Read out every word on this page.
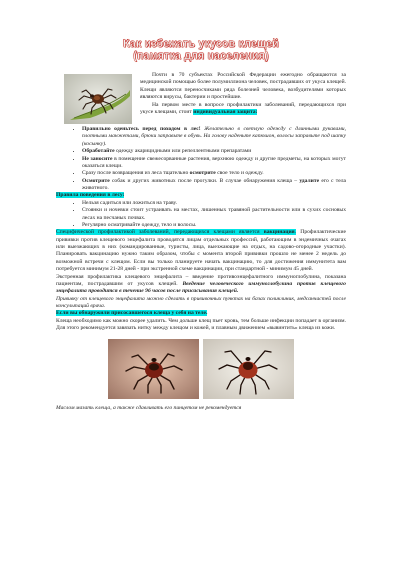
Как избежать укусов клещей
(памятка для населения)

Почти в 70 субъектах Российской Федерации ежегодно обращаются за медицинской помощью более полумиллиона человек, пострадавших от укуса клещей. Клещи являются переносчиками ряда болезней человека, возбудителями которых являются вирусы, бактерии и простейшие.

На первом месте в вопросе профилактики заболеваний, передающихся при укусе клещами, стоит индивидуальная защита:

• Правильно оденьтесь перед походом в лес! Желательно в светлую одежду с длинными рукавами, плотными манжетами, брюки заправьте в обувь. На голову наденьте капюшон, волосы заправьте под шапку (косынку).
• Обработайте одежду акарицидными или репеллентными препаратами
• Не заносите в помещение свежесорванные растения, верхнюю одежду и другие предметы, на которых могут оказаться клещи.
• Сразу после возвращения из леса тщательно осмотрите свое тело и одежду.
• Осмотрите собак и других животных после прогулки. В случае обнаружения клеща – удалите его с тела животного.

Правила поведения в лесу:

• Нельзя садиться или ложиться на траву.
• Стоянки и ночевки стоит устраивать на местах, лишенных травяной растительности или в сухих сосновых лесах на песчаных почвах.
• Регулярно осматривайте одежду, тело и волосы.

Специфической профилактикой заболеваний, передающихся клещами является вакцинация. Профилактические прививки против клещевого энцефалита проводятся лицам отдельных профессий, работающим в эндемичных очагах или выезжающих в них (командированные, туристы, лица, выезжающие на отдых, на садово-огородные участки). Планировать вакцинацию нужно таким образом, чтобы с момента второй прививки прошло не менее 2 недель до возможной встречи с клещом. Если вы только планируете начать вакцинацию, то для достижения иммунитета вам потребуется минимум 21-28 дней - при экстренной схеме вакцинации, при стандартной - минимум 45 дней.

Экстренная профилактика клещевого энцефалита – введение противоэнцефалитного иммуноглобулина, показана пациентам, пострадавшим от укусов клещей. Введение человеческого иммуноглобулина против клещевого энцефалита проводится в течение 96 часов после присасывания клещей.

Прививку от клещевого энцефалита можно сделать в прививочных пунктах на базах поликлиник, медсанчастей после консультаций врача.

Если вы обнаружили присосавшегося клеща у себя на теле.

Клеща необходимо как можно скорее удалить. Чем дольше клещ пьет кровь, тем больше инфекции попадает в организм. Для этого рекомендуется завязать нитку между клещом и кожей, и плавным движением «вывинтить» клеща из кожи.

Маслом мазать клеща, а также сдавливать его пинцетом не рекомендуется
